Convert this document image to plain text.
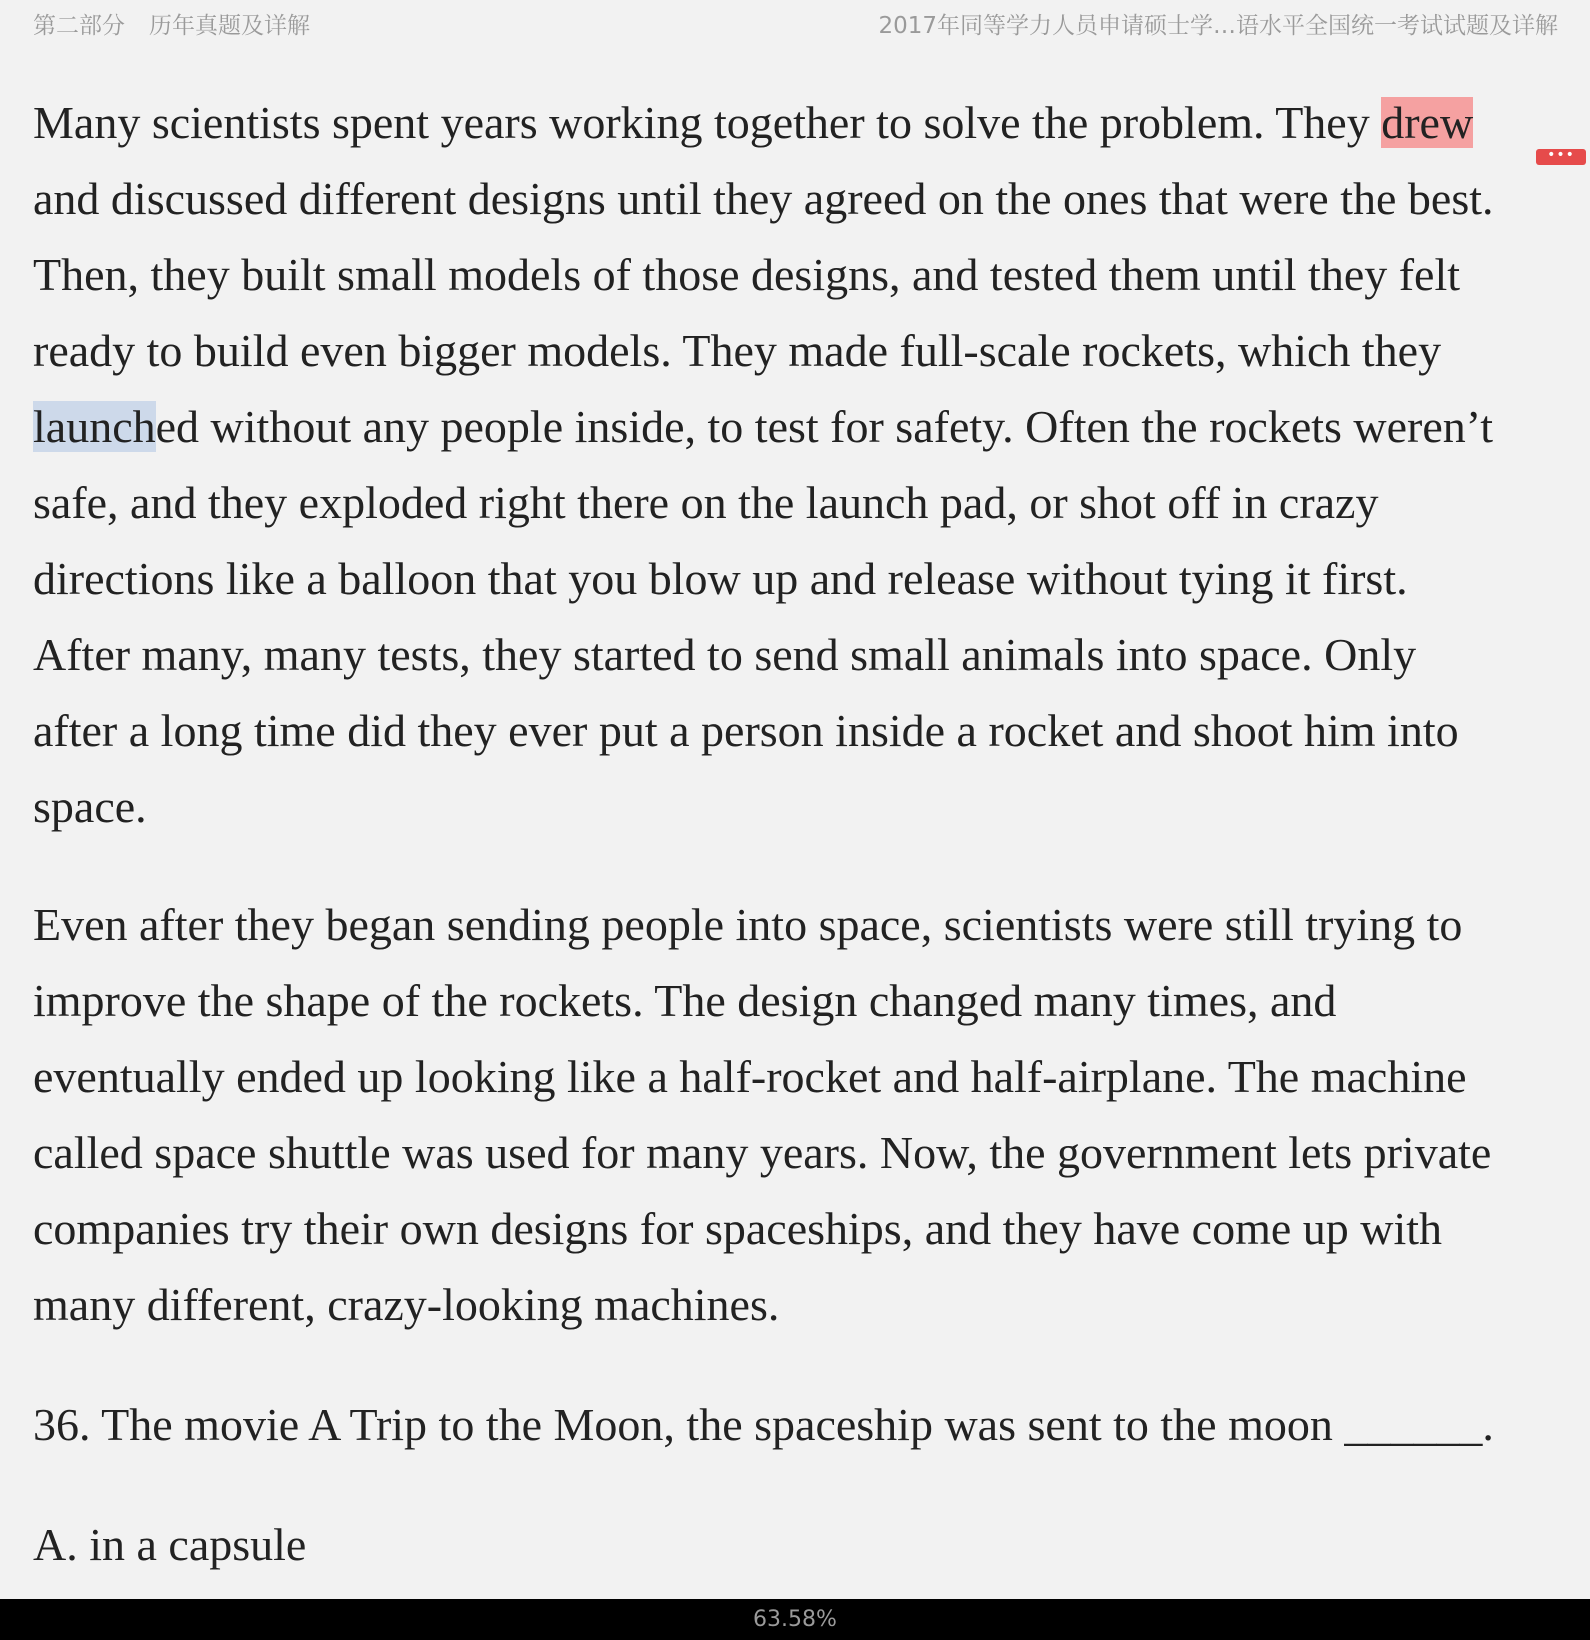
第二部分 历年真题及详解	2017年同等学力人员申请硕士学…语水平全国统一考试试题及详解
Many scientists spent years working together to solve the problem. They drew
and discussed different designs until they agreed on the ones that were the best.
Then, they built small models of those designs, and tested them until they felt
ready to build even bigger models. They made full-scale rockets, which they
launched without any people inside, to test for safety. Often the rockets weren’t
safe, and they exploded right there on the launch pad, or shot off in crazy
directions like a balloon that you blow up and release without tying it first.
After many, many tests, they started to send small animals into space. Only
after a long time did they ever put a person inside a rocket and shoot him into
space.
Even after they began sending people into space, scientists were still trying to
improve the shape of the rockets. The design changed many times, and
eventually ended up looking like a half-rocket and half-airplane. The machine
called space shuttle was used for many years. Now, the government lets private
companies try their own designs for spaceships, and they have come up with
many different, crazy-looking machines.
36. The movie A Trip to the Moon, the spaceship was sent to the moon ______.
A. in a capsule
•••
63.58%
